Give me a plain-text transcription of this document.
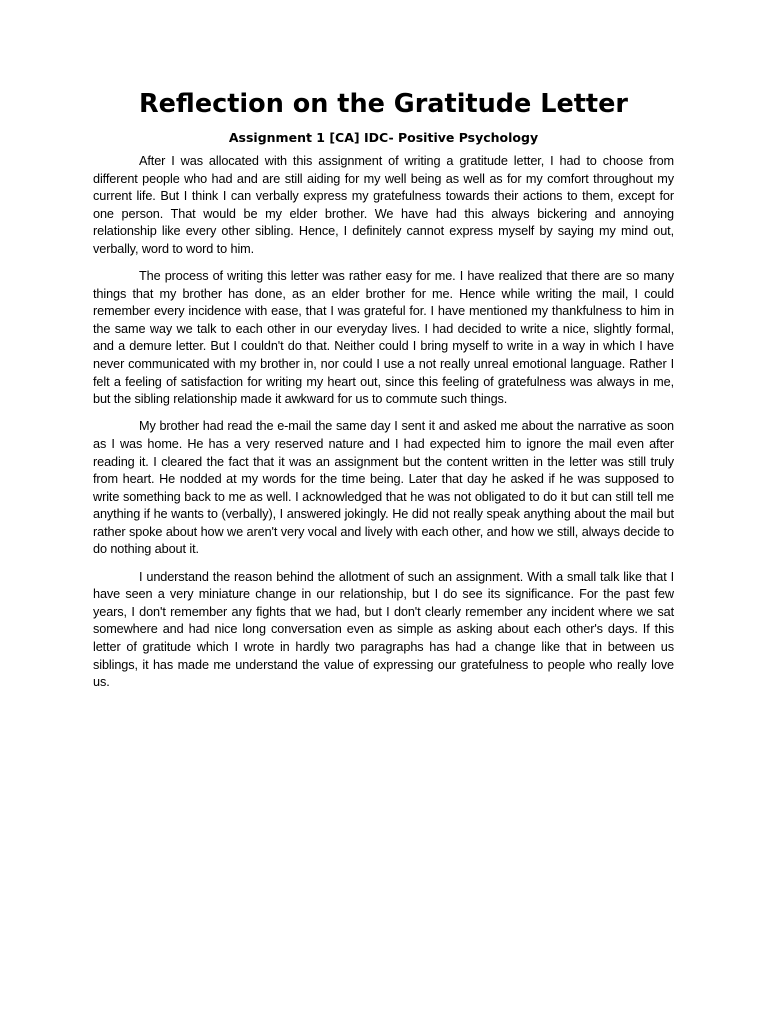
Reflection on the Gratitude Letter
Assignment 1 [CA] IDC- Positive Psychology

After I was allocated with this assignment of writing a gratitude letter, I had to choose from different people who had and are still aiding for my well being as well as for my comfort throughout my current life. But I think I can verbally express my gratefulness towards their actions to them, except for one person. That would be my elder brother. We have had this always bickering and annoying relationship like every other sibling. Hence, I definitely cannot express myself by saying my mind out, verbally, word to word to him.

The process of writing this letter was rather easy for me. I have realized that there are so many things that my brother has done, as an elder brother for me. Hence while writing the mail, I could remember every incidence with ease, that I was grateful for. I have mentioned my thankfulness to him in the same way we talk to each other in our everyday lives. I had decided to write a nice, slightly formal, and a demure letter. But I couldn't do that. Neither could I bring myself to write in a way in which I have never communicated with my brother in, nor could I use a not really unreal emotional language. Rather I felt a feeling of satisfaction for writing my heart out, since this feeling of gratefulness was always in me, but the sibling relationship made it awkward for us to commute such things.

My brother had read the e-mail the same day I sent it and asked me about the narrative as soon as I was home. He has a very reserved nature and I had expected him to ignore the mail even after reading it. I cleared the fact that it was an assignment but the content written in the letter was still truly from heart. He nodded at my words for the time being. Later that day he asked if he was supposed to write something back to me as well. I acknowledged that he was not obligated to do it but can still tell me anything if he wants to (verbally), I answered jokingly. He did not really speak anything about the mail but rather spoke about how we aren't very vocal and lively with each other, and how we still, always decide to do nothing about it.

I understand the reason behind the allotment of such an assignment. With a small talk like that I have seen a very miniature change in our relationship, but I do see its significance. For the past few years, I don't remember any fights that we had, but I don't clearly remember any incident where we sat somewhere and had nice long conversation even as simple as asking about each other's days. If this letter of gratitude which I wrote in hardly two paragraphs has had a change like that in between us siblings, it has made me understand the value of expressing our gratefulness to people who really love us.
